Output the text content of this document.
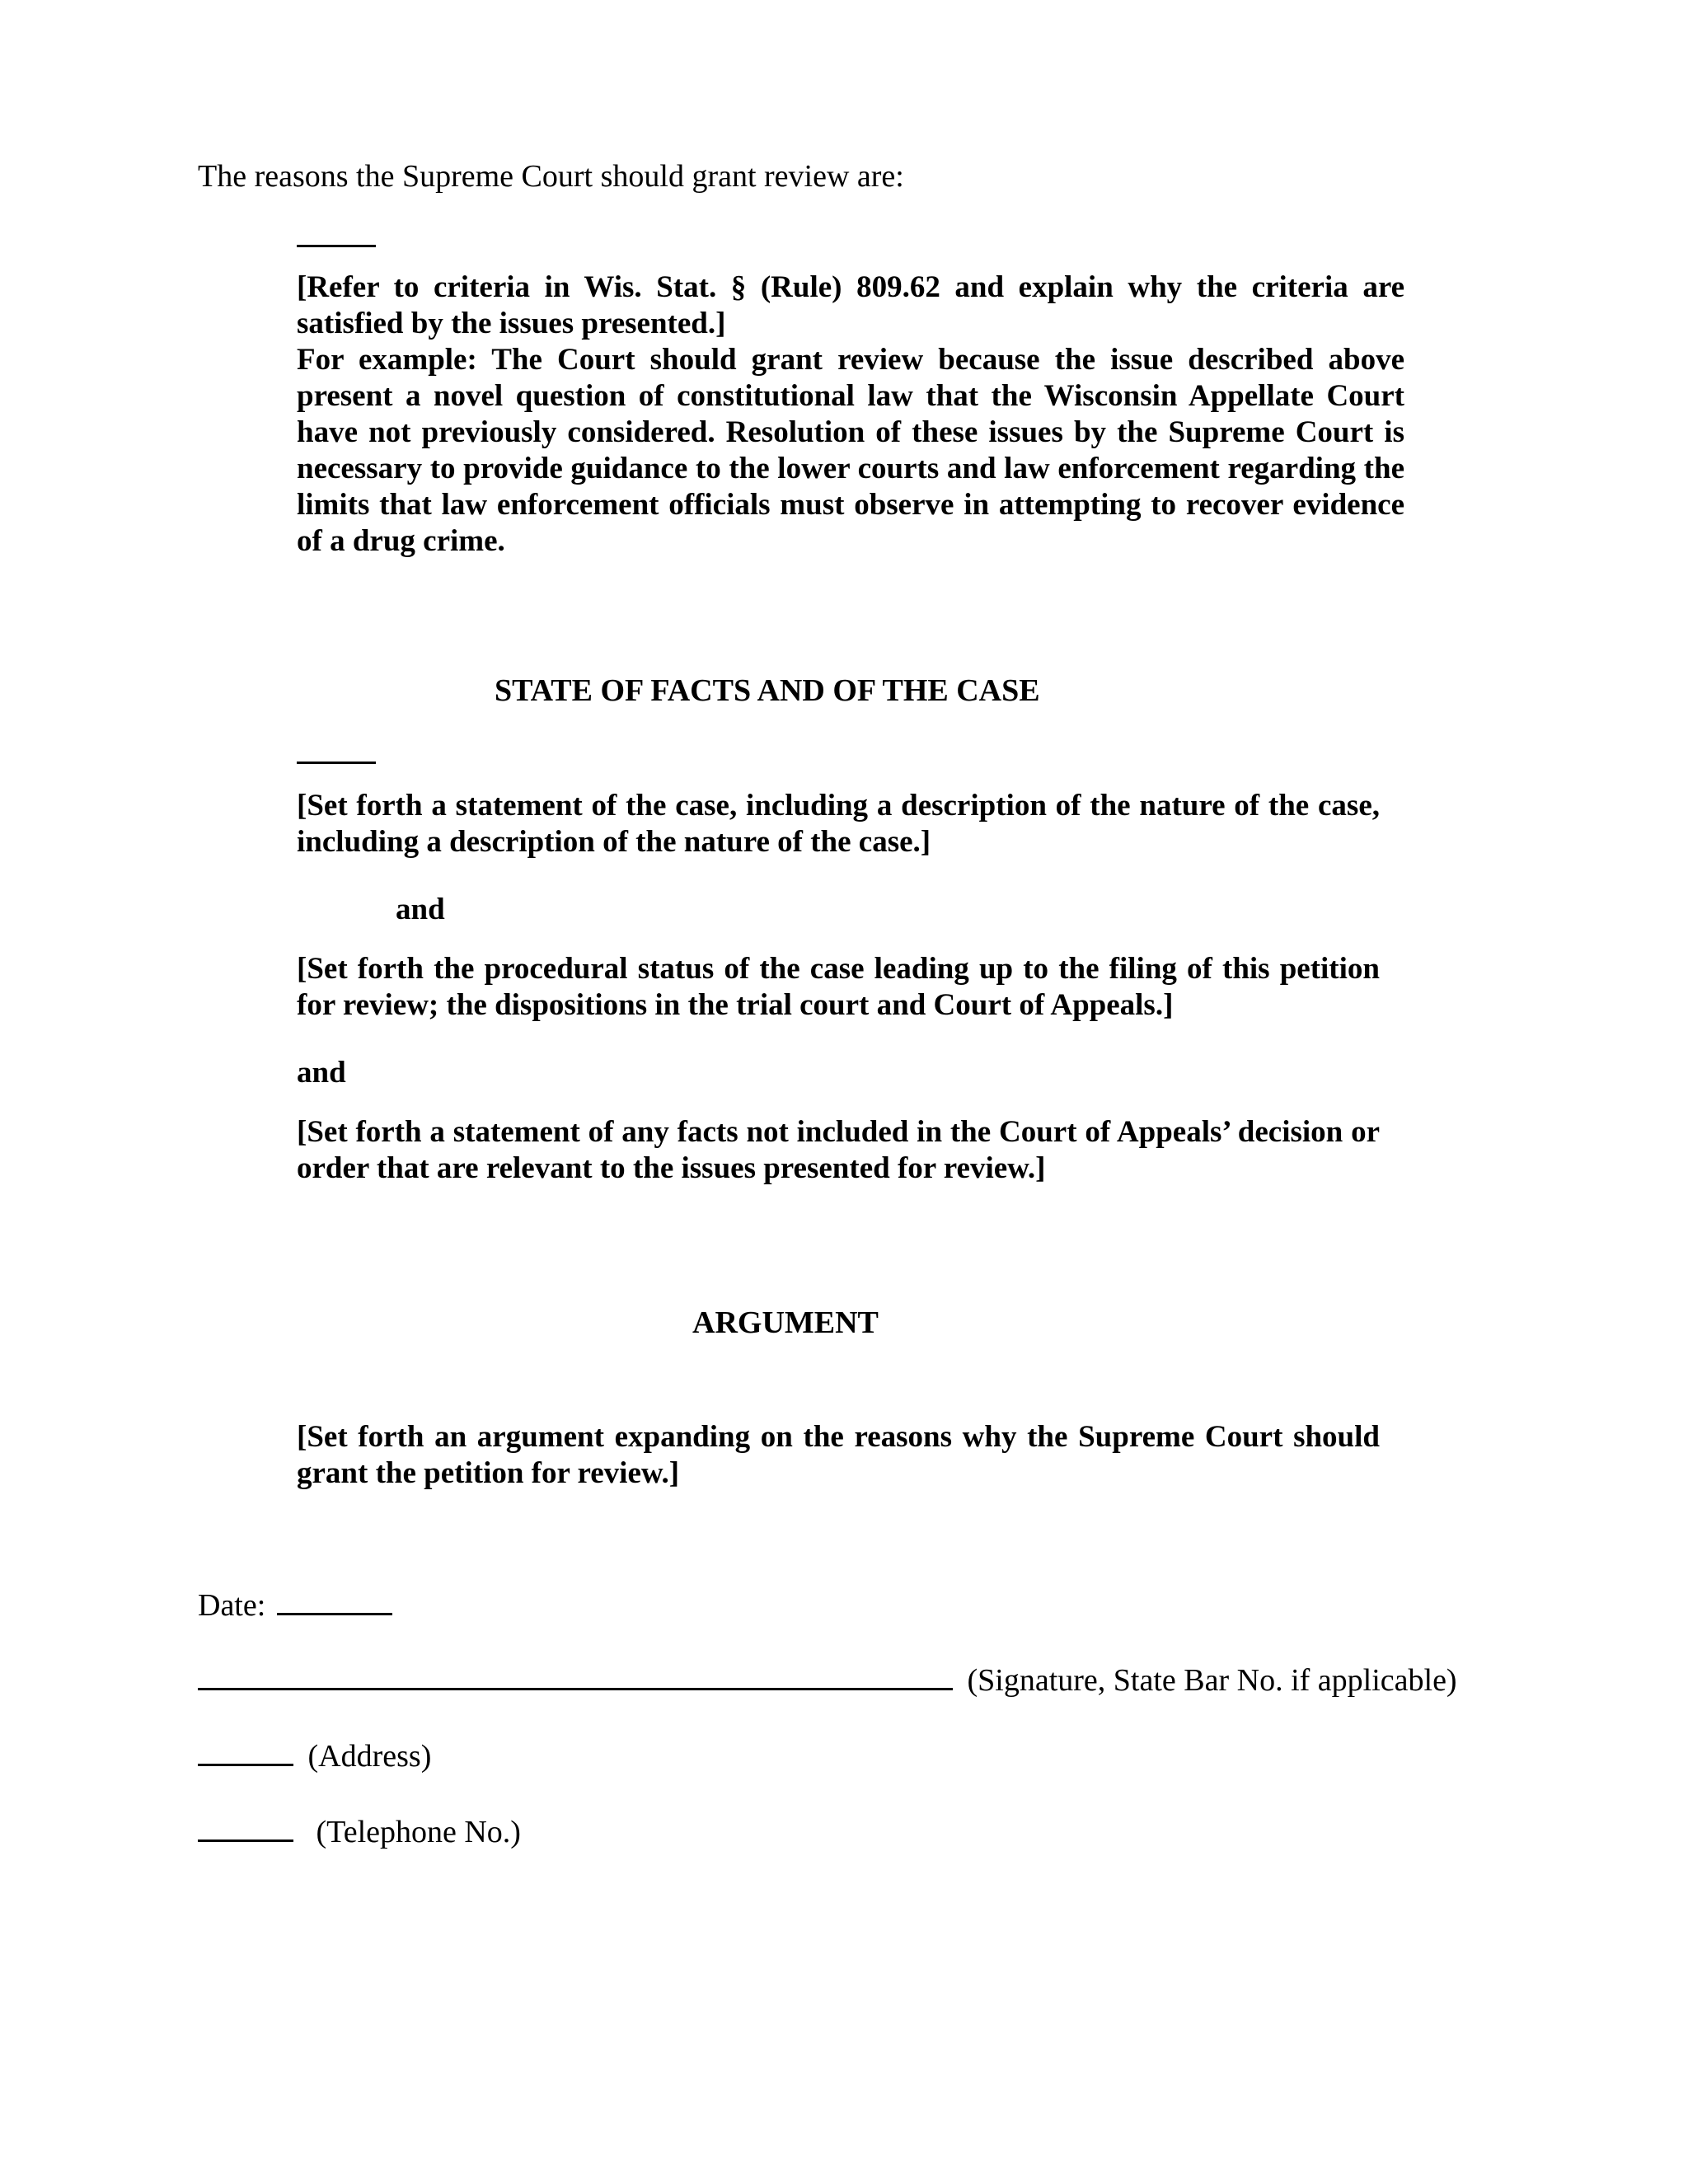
The reasons the Supreme Court should grant review are:
[Refer to criteria in Wis. Stat. § (Rule) 809.62 and explain why the criteria are satisfied by the issues presented.]
For example: The Court should grant review because the issue described above present a novel question of constitutional law that the Wisconsin Appellate Court have not previously considered. Resolution of these issues by the Supreme Court is necessary to provide guidance to the lower courts and law enforcement regarding the limits that law enforcement officials must observe in attempting to recover evidence of a drug crime.
STATE OF FACTS AND OF THE CASE
[Set forth a statement of the case, including a description of the nature of the case, including a description of the nature of the case.]
and
[Set forth the procedural status of the case leading up to the filing of this petition for review; the dispositions in the trial court and Court of Appeals.]
and
[Set forth a statement of any facts not included in the Court of Appeals’ decision or order that are relevant to the issues presented for review.]
ARGUMENT
[Set forth an argument expanding on the reasons why the Supreme Court should grant the petition for review.]
Date:
(Signature, State Bar No. if applicable)
(Address)
(Telephone No.)
